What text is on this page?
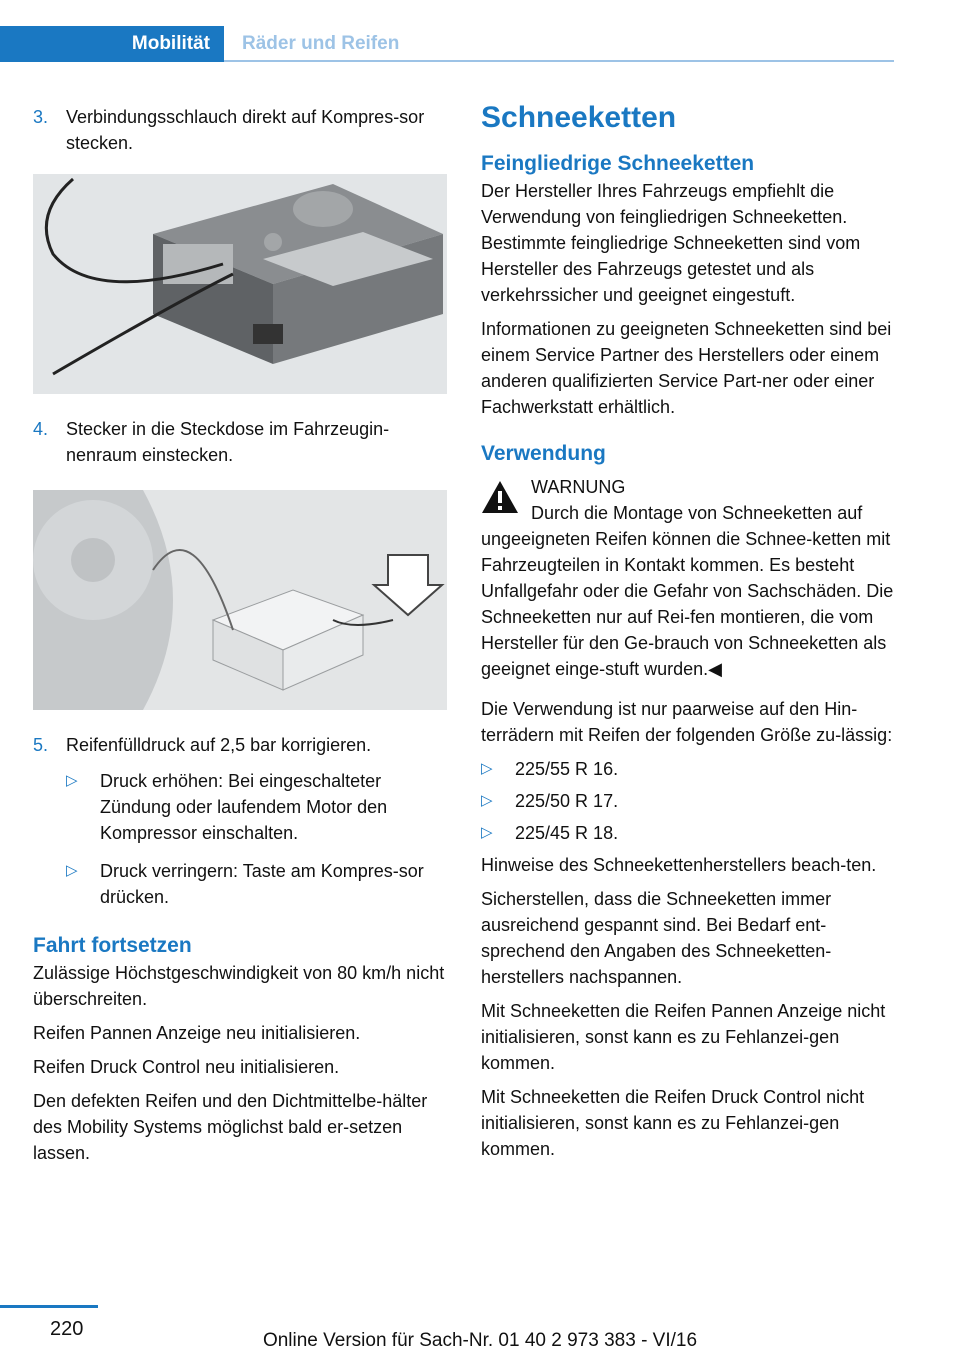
Mobilität	Räder und Reifen
3. Verbindungsschlauch direkt auf Kompres-sor stecken.
4. Stecker in die Steckdose im Fahrzeugin-nenraum einstecken.
5. Reifenfülldruck auf 2,5 bar korrigieren.
▷ Druck erhöhen: Bei eingeschalteter Zündung oder laufendem Motor den Kompressor einschalten.
▷ Druck verringern: Taste am Kompres-sor drücken.
Fahrt fortsetzen

Zulässige Höchstgeschwindigkeit von 80 km/h nicht überschreiten.

Reifen Pannen Anzeige neu initialisieren.

Reifen Druck Control neu initialisieren.

Den defekten Reifen und den Dichtmittelbe-hälter des Mobility Systems möglichst bald er-setzen lassen.

Schneeketten
Feingliedrige Schneeketten

Der Hersteller Ihres Fahrzeugs empfiehlt die Verwendung von feingliedrigen Schneeketten. Bestimmte feingliedrige Schneeketten sind vom Hersteller des Fahrzeugs getestet und als verkehrssicher und geeignet eingestuft.

Informationen zu geeigneten Schneeketten sind bei einem Service Partner des Herstellers oder einem anderen qualifizierten Service Part-ner oder einer Fachwerkstatt erhältlich.

Verwendung
WARNUNG

Durch die Montage von Schneeketten auf ungeeigneten Reifen können die Schnee-ketten mit Fahrzeugteilen in Kontakt kommen. Es besteht Unfallgefahr oder die Gefahr von Sachschäden. Die Schneeketten nur auf Rei-fen montieren, die vom Hersteller für den Ge-brauch von Schneeketten als geeignet einge-stuft wurden.◀

Die Verwendung ist nur paarweise auf den Hin-terrädern mit Reifen der folgenden Größe zu-lässig:

▷ 225/55 R 16.
▷ 225/50 R 17.
▷ 225/45 R 18.

Hinweise des Schneekettenherstellers beach-ten.

Sicherstellen, dass die Schneeketten immer ausreichend gespannt sind. Bei Bedarf ent-sprechend den Angaben des Schneeketten-herstellers nachspannen.

Mit Schneeketten die Reifen Pannen Anzeige nicht initialisieren, sonst kann es zu Fehlanzei-gen kommen.

Mit Schneeketten die Reifen Druck Control nicht initialisieren, sonst kann es zu Fehlanzei-gen kommen.

220
Online Version für Sach-Nr. 01 40 2 973 383 - VI/16
